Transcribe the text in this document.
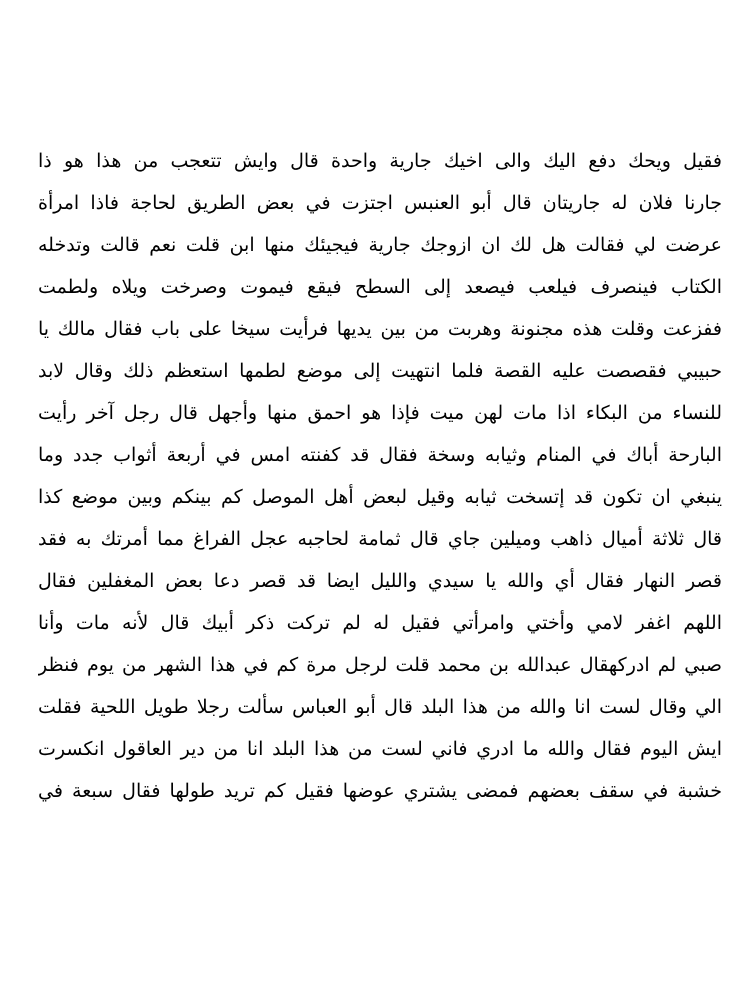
فقيل ويحك دفع اليك والى اخيك جارية واحدة قال وايش تتعجب من هذا هو ذا
جارنا فلان له جاريتان قال أبو العنبس اجتزت في بعض الطريق لحاجة فاذا امرأة
عرضت لي فقالت هل لك ان ازوجك جارية فيجيئك منها ابن قلت نعم قالت وتدخله
الكتاب فينصرف فيلعب فيصعد إلى السطح فيقع فيموت وصرخت ويلاه ولطمت
ففزعت وقلت هذه مجنونة وهربت من بين يديها فرأيت سيخا على باب فقال مالك يا
حبيبي فقصصت عليه القصة فلما انتهيت إلى موضع لطمها استعظم ذلك وقال لابد
للنساء من البكاء اذا مات لهن ميت فإذا هو احمق منها وأجهل قال رجل آخر رأيت
البارحة أباك في المنام وثيابه وسخة فقال قد كفنته امس في أربعة أثواب جدد وما
ينبغي ان تكون قد إتسخت ثيابه وقيل لبعض أهل الموصل كم بينكم وبين موضع كذا
قال ثلاثة أميال ذاهب وميلين جاي قال ثمامة لحاجبه عجل الفراغ مما أمرتك به فقد
قصر النهار فقال أي والله يا سيدي والليل ايضا قد قصر دعا بعض المغفلين فقال
اللهم اغفر لامي وأختي وامرأتي فقيل له لم تركت ذكر أبيك قال لأنه مات وأنا
صبي لم ادركهقال عبدالله بن محمد قلت لرجل مرة كم في هذا الشهر من يوم فنظر
الي وقال لست انا والله من هذا البلد قال أبو العباس سألت رجلا طويل اللحية فقلت
ايش اليوم فقال والله ما ادري فاني لست من هذا البلد انا من دير العاقول انكسرت
خشبة في سقف بعضهم فمضى يشتري عوضها فقيل كم تريد طولها فقال سبعة في
